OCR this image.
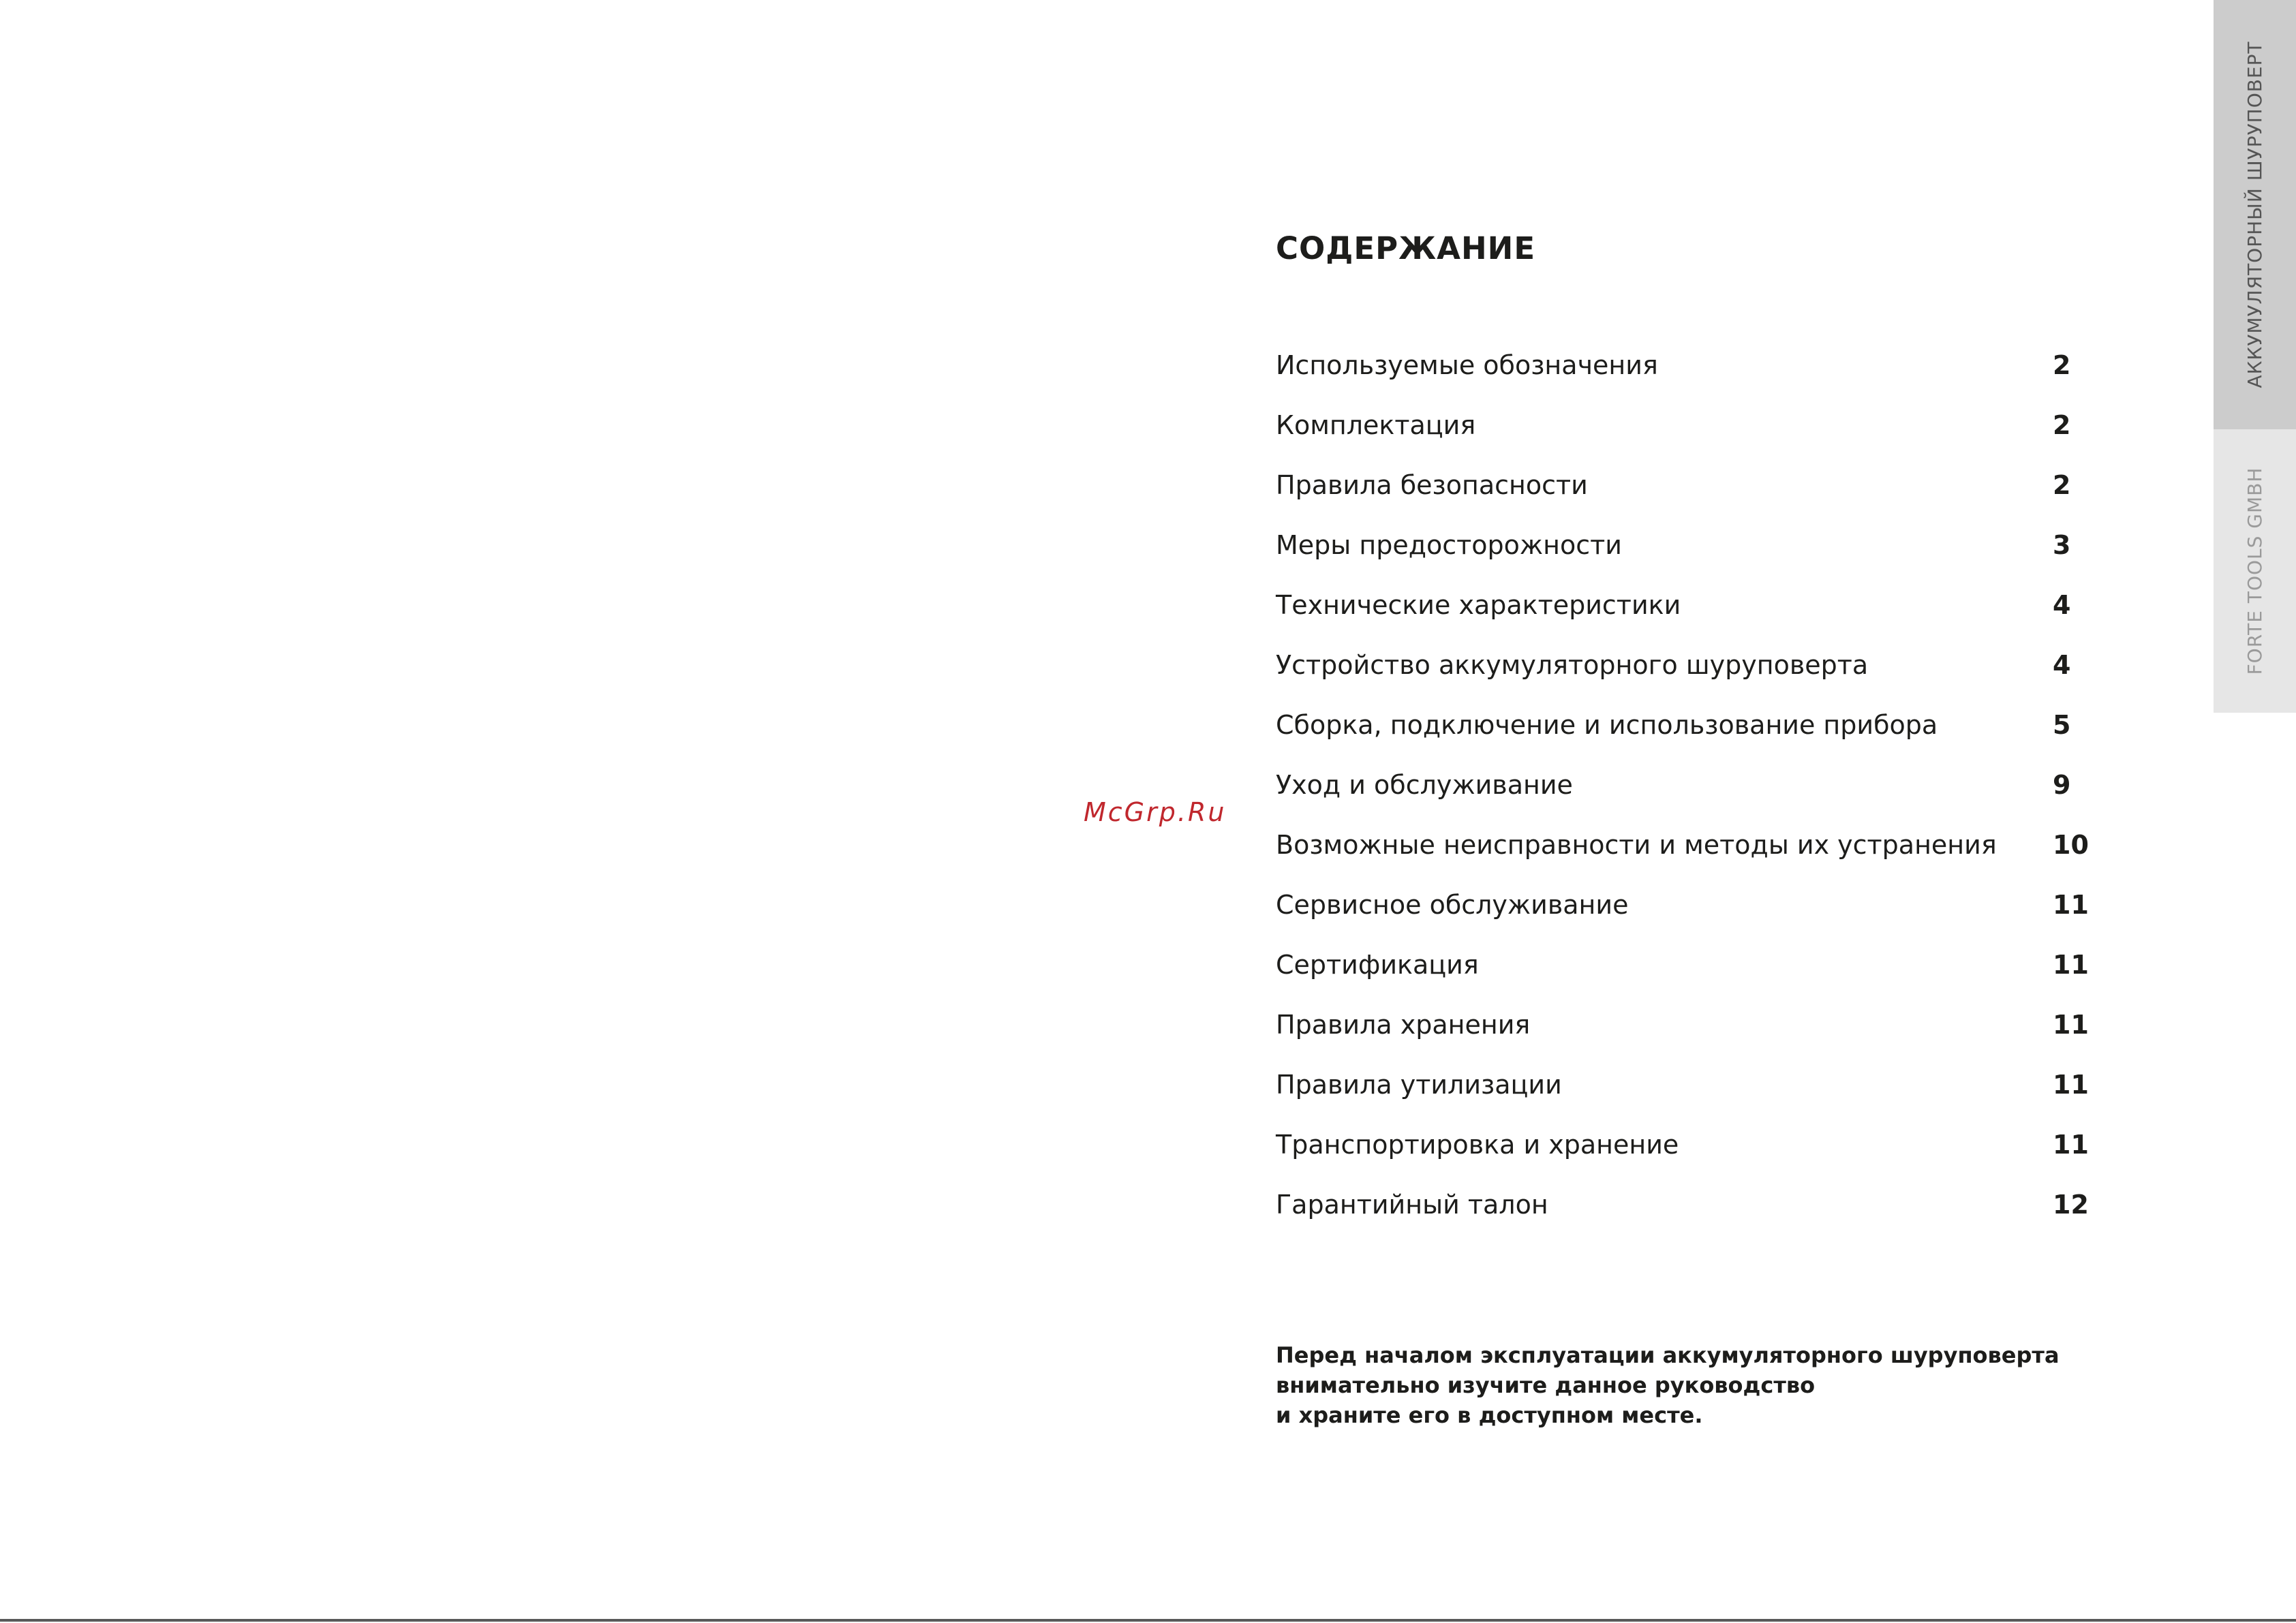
СОДЕРЖАНИЕ
Используемые обозначения	2
Комплектация	2
Правила безопасности	2
Меры предосторожности	3
Технические характеристики	4
Устройство аккумуляторного шуруповерта	4
Сборка, подключение и использование прибора	5
Уход и обслуживание	9
Возможные неисправности и методы их устранения 10
Сервисное обслуживание	11
Сертификация	11
Правила хранения	11
Правила утилизации	11
Транспортировка и хранение	11
Гарантийный талон	12
McGrp.Ru
Перед началом эксплуатации аккумуляторного шуруповерта
внимательно изучите данное руководство
и храните его в доступном месте.
АККУМУЛЯТОРНЫЙ ШУРУПОВЕРТ
FORTE TOOLS GMBH
